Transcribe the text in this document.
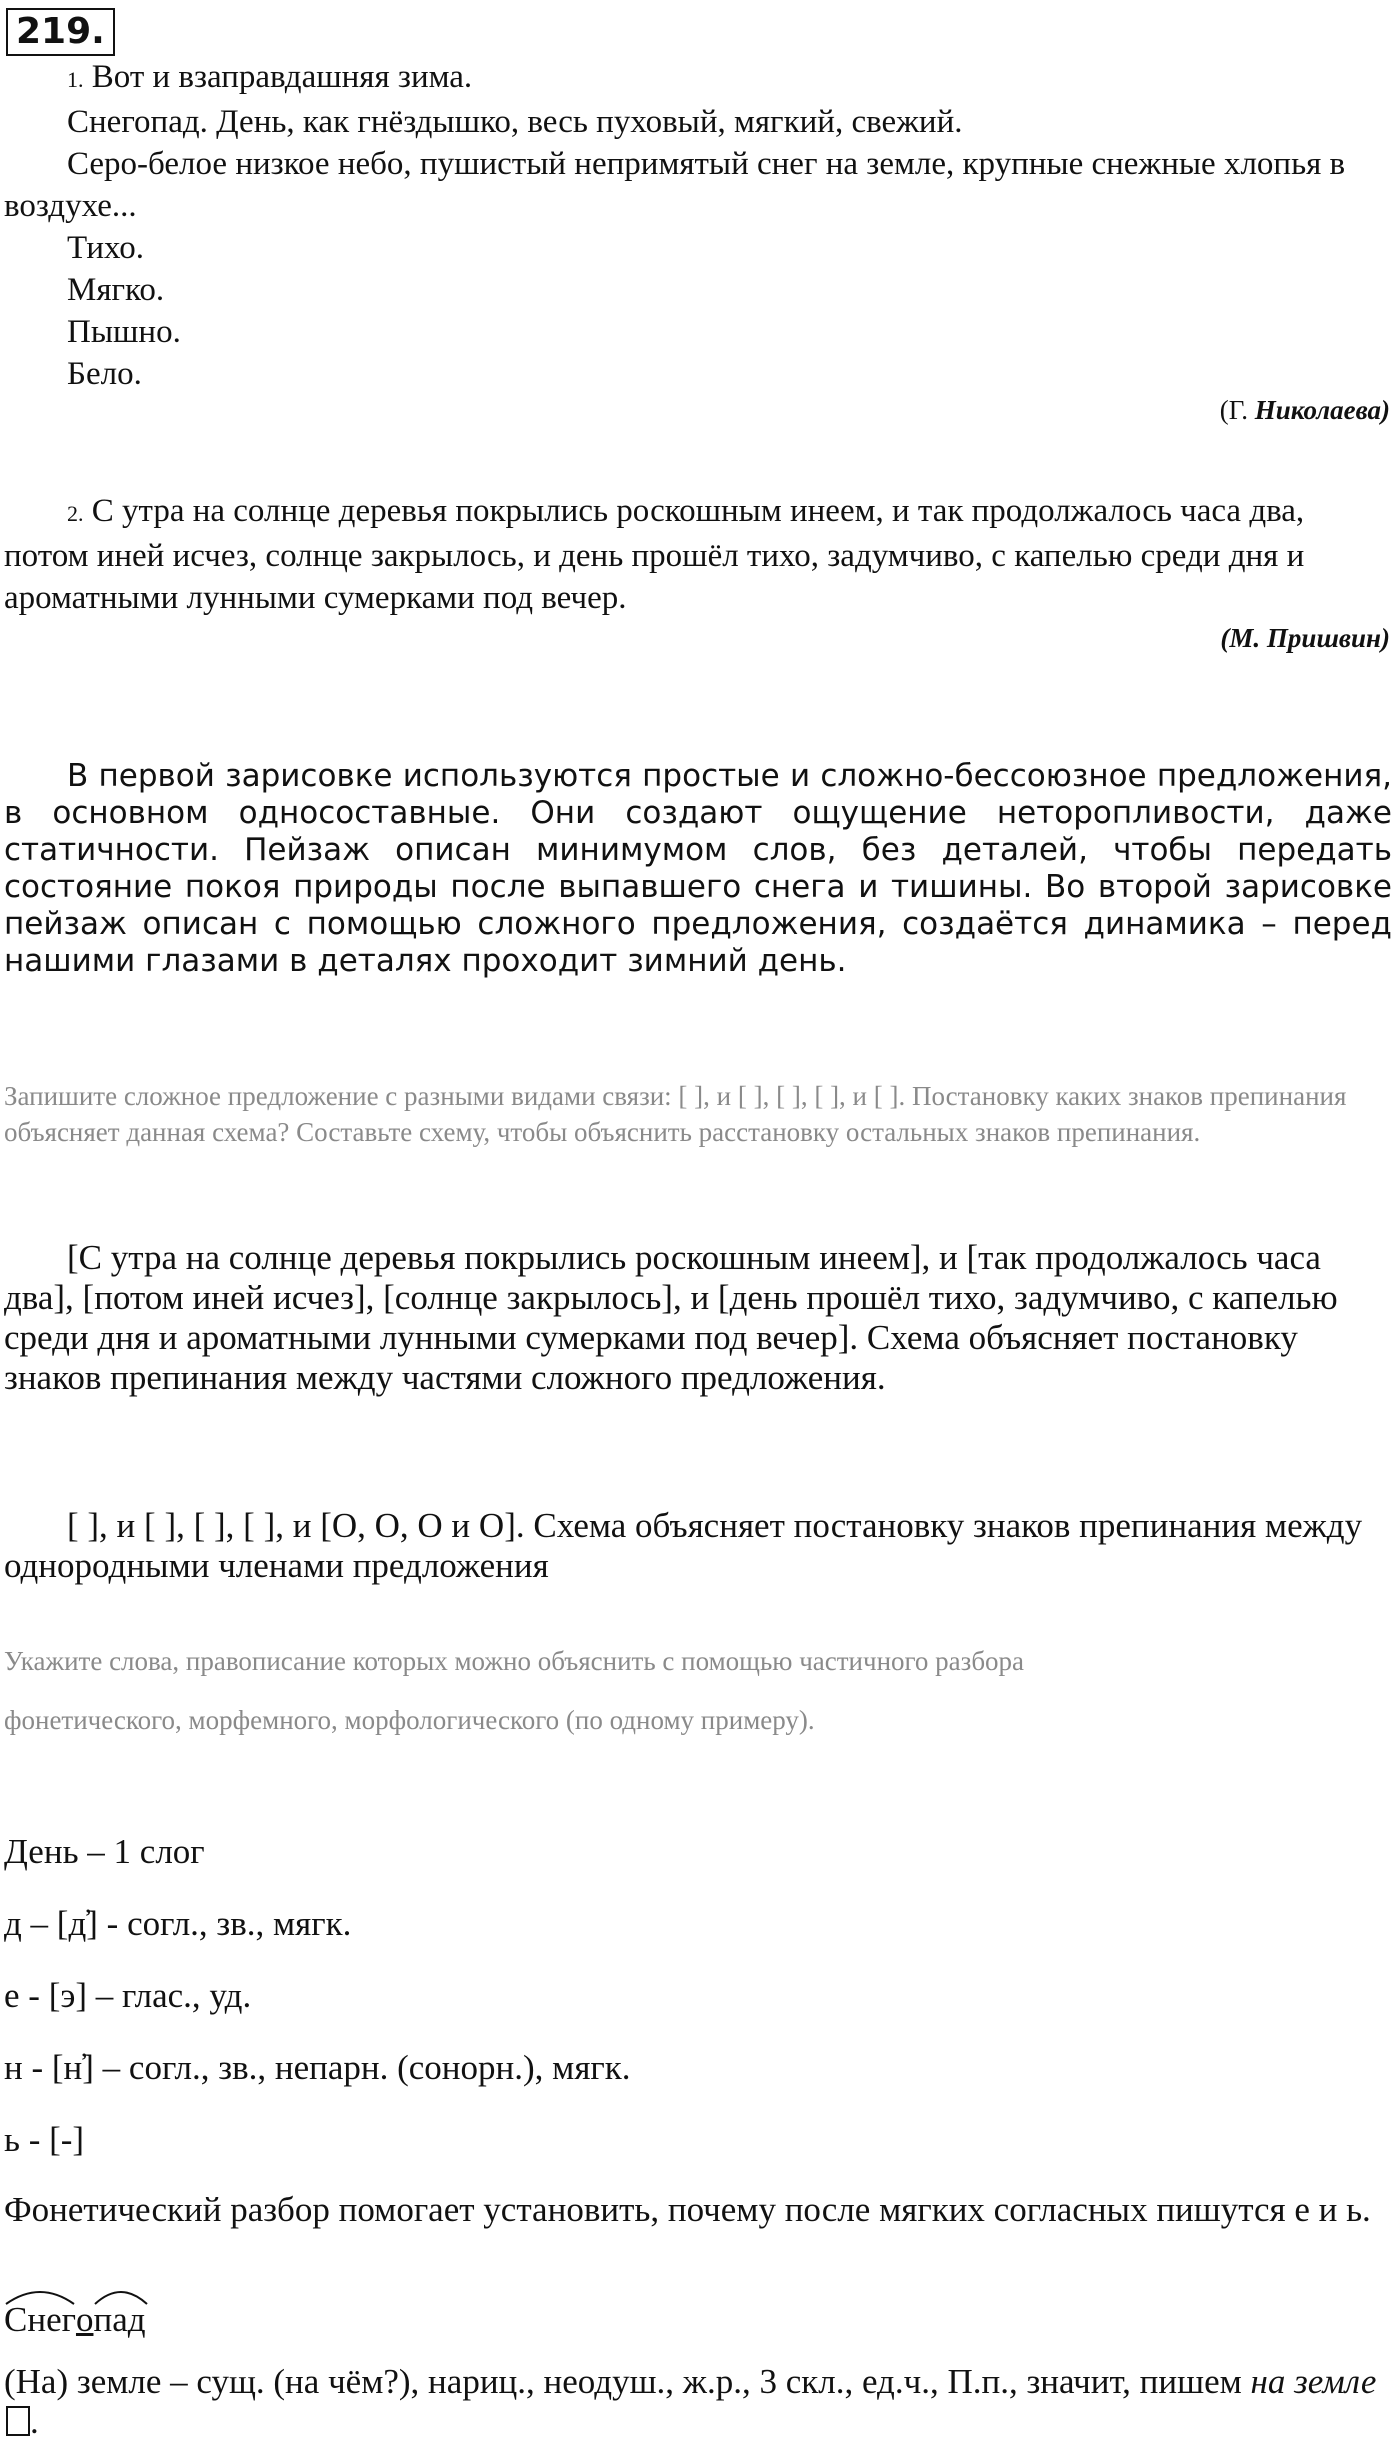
219.

1. Вот и взаправдашняя зима.

Снегопад. День, как гнёздышко, весь пуховый, мягкий, свежий.

Серо-белое низкое небо, пушистый непримятый снег на земле, крупные снежные хлопья в воздухе...

Тихо.

Мягко.

Пышно.

Бело.

(Г. Николаева)

2. С утра на солнце деревья покрылись роскошным инеем, и так продолжалось часа два, потом иней исчез, солнце закрылось, и день прошёл тихо, задумчиво, с капелью среди дня и ароматными лунными сумерками под вечер.

(М. Пришвин)

В первой зарисовке используются простые и сложно-бессоюзное предложения, в основном односоставные. Они создают ощущение неторопливости, даже статичности. Пейзаж описан минимумом слов, без деталей, чтобы передать состояние покоя природы после выпавшего снега и тишины. Во второй зарисовке пейзаж описан с помощью сложного предложения, создаётся динамика – перед нашими глазами в деталях проходит зимний день.

Запишите сложное предложение с разными видами связи: [ ], и [ ], [ ], [ ], и [ ]. Постановку каких знаков препинания объясняет данная схема? Составьте схему, чтобы объяснить расстановку остальных знаков препинания.

[С утра на солнце деревья покрылись роскошным инеем], и [так продолжалось часа два], [потом иней исчез], [солнце закрылось], и [день прошёл тихо, задумчиво, с капелью среди дня и ароматными лунными сумерками под вечер]. Схема объясняет постановку знаков препинания между частями сложного предложения.

[ ], и [ ], [ ], [ ], и [О, О, О и О]. Схема объясняет постановку знаков препинания между однородными членами предложения

Укажите слова, правописание которых можно объяснить с помощью частичного разбора

фонетического, морфемного, морфологического (по одному примеру).

День – 1 слог

д – [д̕] - согл., зв., мягк.

е - [э] – глас., уд.

н - [н̕] – согл., зв., непарн. (сонорн.), мягк.

ь - [-]

Фонетический разбор помогает установить, почему после мягких согласных пишутся е и ь.

Снего
пад

(На) земле – сущ. (на чём?), нариц., неодуш., ж.р., 3 скл., ед.ч., П.п., значит, пишем на земле.
